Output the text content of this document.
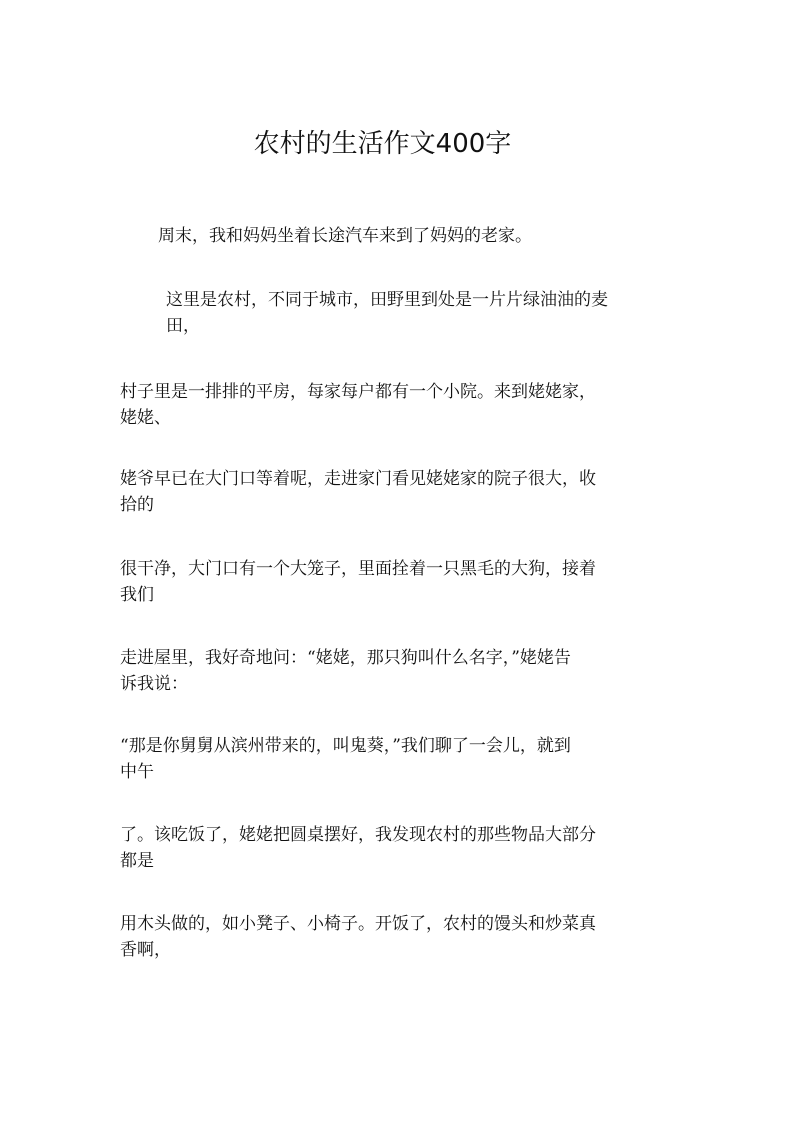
农村的生活作文400字

周末，我和妈妈坐着长途汽车来到了妈妈的老家。

这里是农村，不同于城市，田野里到处是一片片绿油油的麦
田，

村子里是一排排的平房，每家每户都有一个小院。来到姥姥家，
姥姥、

姥爷早已在大门口等着呢，走进家门看见姥姥家的院子很大，收
拾的

很干净，大门口有一个大笼子，里面拴着一只黑毛的大狗，接着
我们

走进屋里，我好奇地问：“姥姥，那只狗叫什么名字，”姥姥告
诉我说：

“那是你舅舅从滨州带来的，叫鬼葵，”我们聊了一会儿，就到
中午

了。该吃饭了，姥姥把圆桌摆好，我发现农村的那些物品大部分
都是

用木头做的，如小凳子、小椅子。开饭了，农村的馒头和炒菜真
香啊，
